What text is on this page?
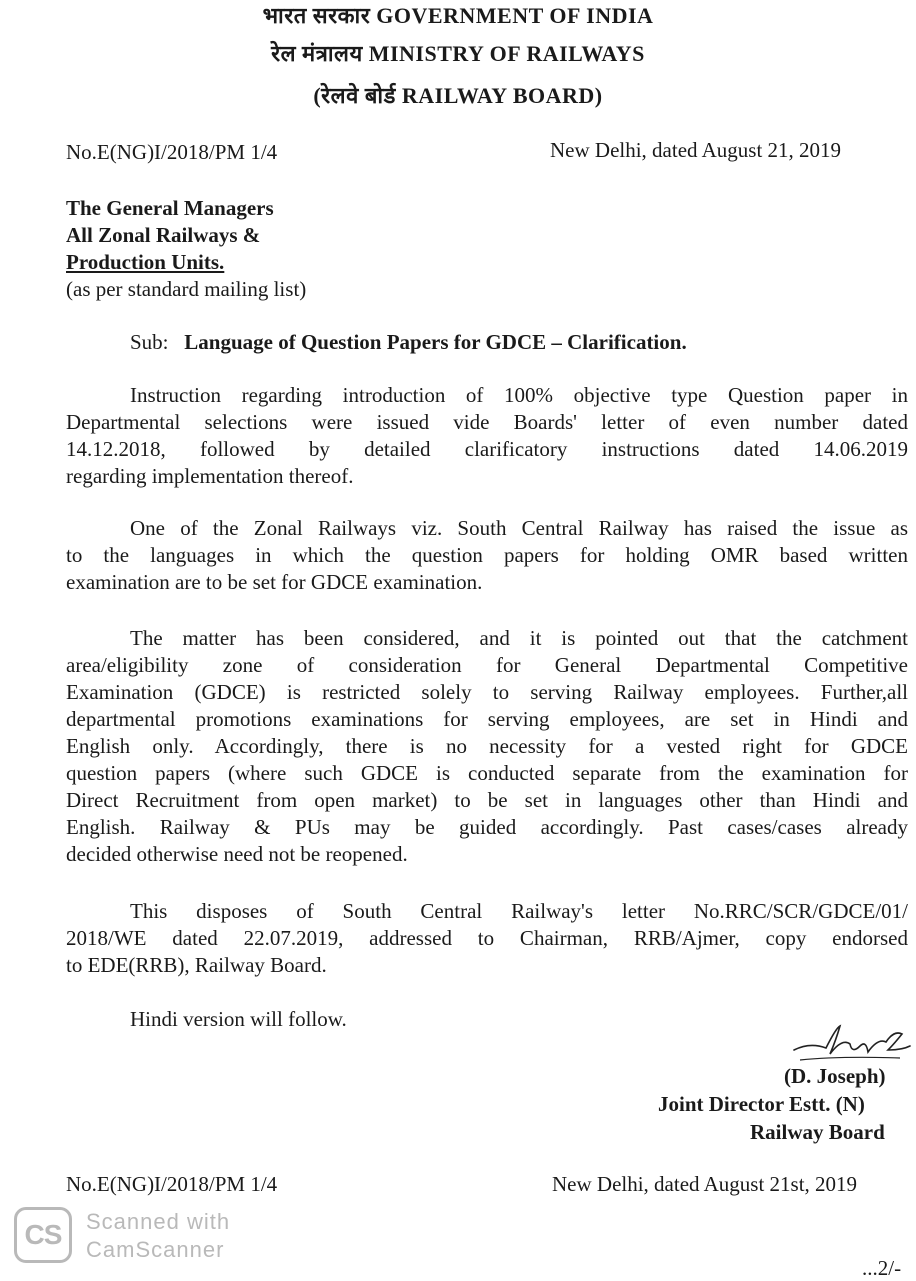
भारत सरकार GOVERNMENT OF INDIA
रेल मंत्रालय MINISTRY OF RAILWAYS
(रेलवे बोर्ड RAILWAY BOARD)
No.E(NG)I/2018/PM 1/4	New Delhi, dated August 21, 2019
The General Managers
All Zonal Railways &
Production Units.
(as per standard mailing list)
Sub: Language of Question Papers for GDCE – Clarification.
Instruction regarding introduction of 100% objective type Question paper in
Departmental selections were issued vide Boards' letter of even number dated
14.12.2018, followed by detailed clarificatory instructions dated 14.06.2019
regarding implementation thereof.
One of the Zonal Railways viz. South Central Railway has raised the issue as
to the languages in which the question papers for holding OMR based written
examination are to be set for GDCE examination.
The matter has been considered, and it is pointed out that the catchment
area/eligibility zone of consideration for General Departmental Competitive
Examination (GDCE) is restricted solely to serving Railway employees. Further,all
departmental promotions examinations for serving employees, are set in Hindi and
English only. Accordingly, there is no necessity for a vested right for GDCE
question papers (where such GDCE is conducted separate from the examination for
Direct Recruitment from open market) to be set in languages other than Hindi and
English. Railway & PUs may be guided accordingly. Past cases/cases already
decided otherwise need not be reopened.
This disposes of South Central Railway's letter No.RRC/SCR/GDCE/01/
2018/WE dated 22.07.2019, addressed to Chairman, RRB/Ajmer, copy endorsed
to EDE(RRB), Railway Board.
Hindi version will follow.
(D. Joseph)
Joint Director Estt. (N)
Railway Board
No.E(NG)I/2018/PM 1/4	New Delhi, dated August 21st, 2019
CS	Scanned with
CamScanner
...2/-
